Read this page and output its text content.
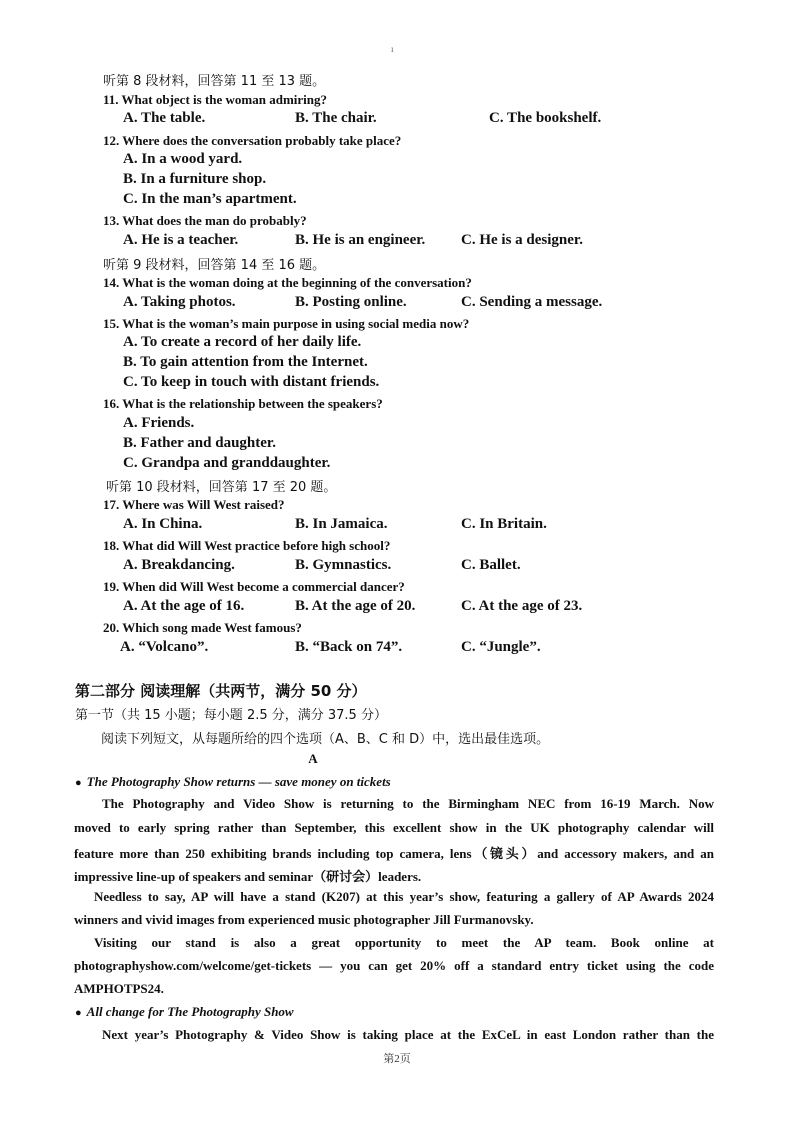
ı
听第 8 段材料，回答第 11 至 13 题。
11. What object is the woman admiring?
A. The table.	B. The chair.	C. The bookshelf.
12. Where does the conversation probably take place?
A. In a wood yard.
B. In a furniture shop.
C. In the man’s apartment.
13. What does the man do probably?
A. He is a teacher.	B. He is an engineer. C. He is a designer.
听第 9 段材料，回答第 14 至 16 题。
14. What is the woman doing at the beginning of the conversation?
A. Taking photos.	B. Posting online.	C. Sending a message.
15. What is the woman’s main purpose in using social media now?
A. To create a record of her daily life.
B. To gain attention from the Internet.
C. To keep in touch with distant friends.
16. What is the relationship between the speakers?
A. Friends.
B. Father and daughter.
C. Grandpa and granddaughter.
听第 10 段材料，回答第 17 至 20 题。
17. Where was Will West raised?
A. In China.	B. In Jamaica.	C. In Britain.
18. What did Will West practice before high school?
A. Breakdancing.	B. Gymnastics.	C. Ballet.
19. When did Will West become a commercial dancer?
A. At the age of 16.	B. At the age of 20.	C. At the age of 23.
20. Which song made West famous?
A. “Volcano”.	B. “Back on 74”.	C. “Jungle”.
第二部分 阅读理解（共两节，满分 50 分）
第一节（共 15 小题；每小题 2.5 分，满分 37.5 分）
阅读下列短文，从每题所给的四个选项（A、B、C 和 D）中，选出最佳选项。
A
● The Photography Show returns — save money on tickets
The Photography and Video Show is returning to the Birmingham NEC from 16-19 March. Now
moved to early spring rather than September, this excellent show in the UK photography calendar will
feature more than 250 exhibiting brands including top camera, lens（镜头）and accessory makers, and an
impressive line-up of speakers and seminar（研讨会）leaders.
Needless to say, AP will have a stand (K207) at this year’s show, featuring a gallery of AP Awards 2024
winners and vivid images from experienced music photographer Jill Furmanovsky.
Visiting our stand is also a great opportunity to meet the AP team. Book online at
photographyshow.com/welcome/get-tickets — you can get 20% off a standard entry ticket using the code
AMPHOTPS24.
● All change for The Photography Show
Next year’s Photography & Video Show is taking place at the ExCeL in east London rather than the
第2页
